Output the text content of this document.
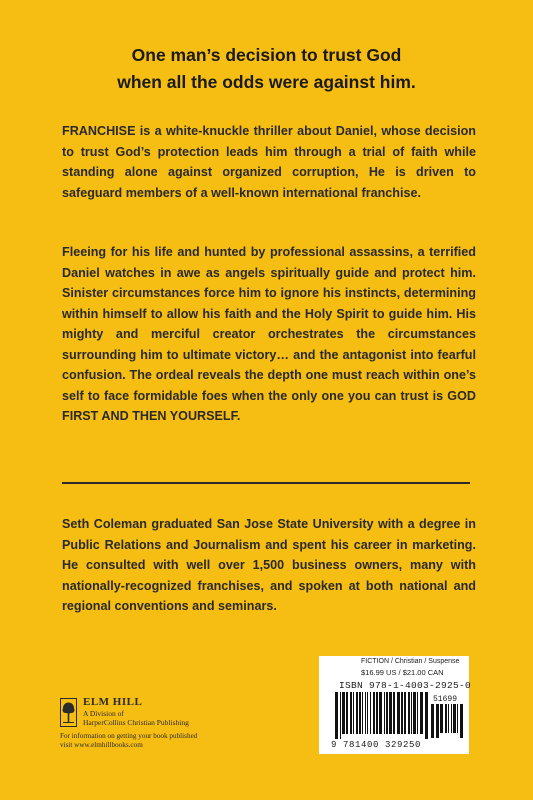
One man’s decision to trust God
when all the odds were against him.
FRANCHISE is a white-knuckle thriller about Daniel, whose decision to trust God’s protection leads him through a trial of faith while standing alone against organized corruption, He is driven to safeguard members of a well-known international franchise.
Fleeing for his life and hunted by professional assassins, a terrified Daniel watches in awe as angels spiritually guide and protect him. Sinister circumstances force him to ignore his instincts, determining within himself to allow his faith and the Holy Spirit to guide him. His mighty and merciful creator orchestrates the circumstances surrounding him to ultimate victory… and the antagonist into fearful confusion. The ordeal reveals the depth one must reach within one’s self to face formidable foes when the only one you can trust is GOD FIRST AND THEN YOURSELF.
Seth Coleman graduated San Jose State University with a degree in Public Relations and Journalism and spent his career in marketing. He consulted with well over 1,500 business owners, many with nationally-recognized franchises, and spoken at both national and regional conventions and seminars.
ELM HILL
A Division of
HarperCollins Christian Publishing
For information on getting your book published
visit www.elmhillbooks.com
FICTION / Christian / Suspense
$16.99 US / $21.00 CAN
ISBN 978-1-4003-2925-0
51699
9 781400 329250
